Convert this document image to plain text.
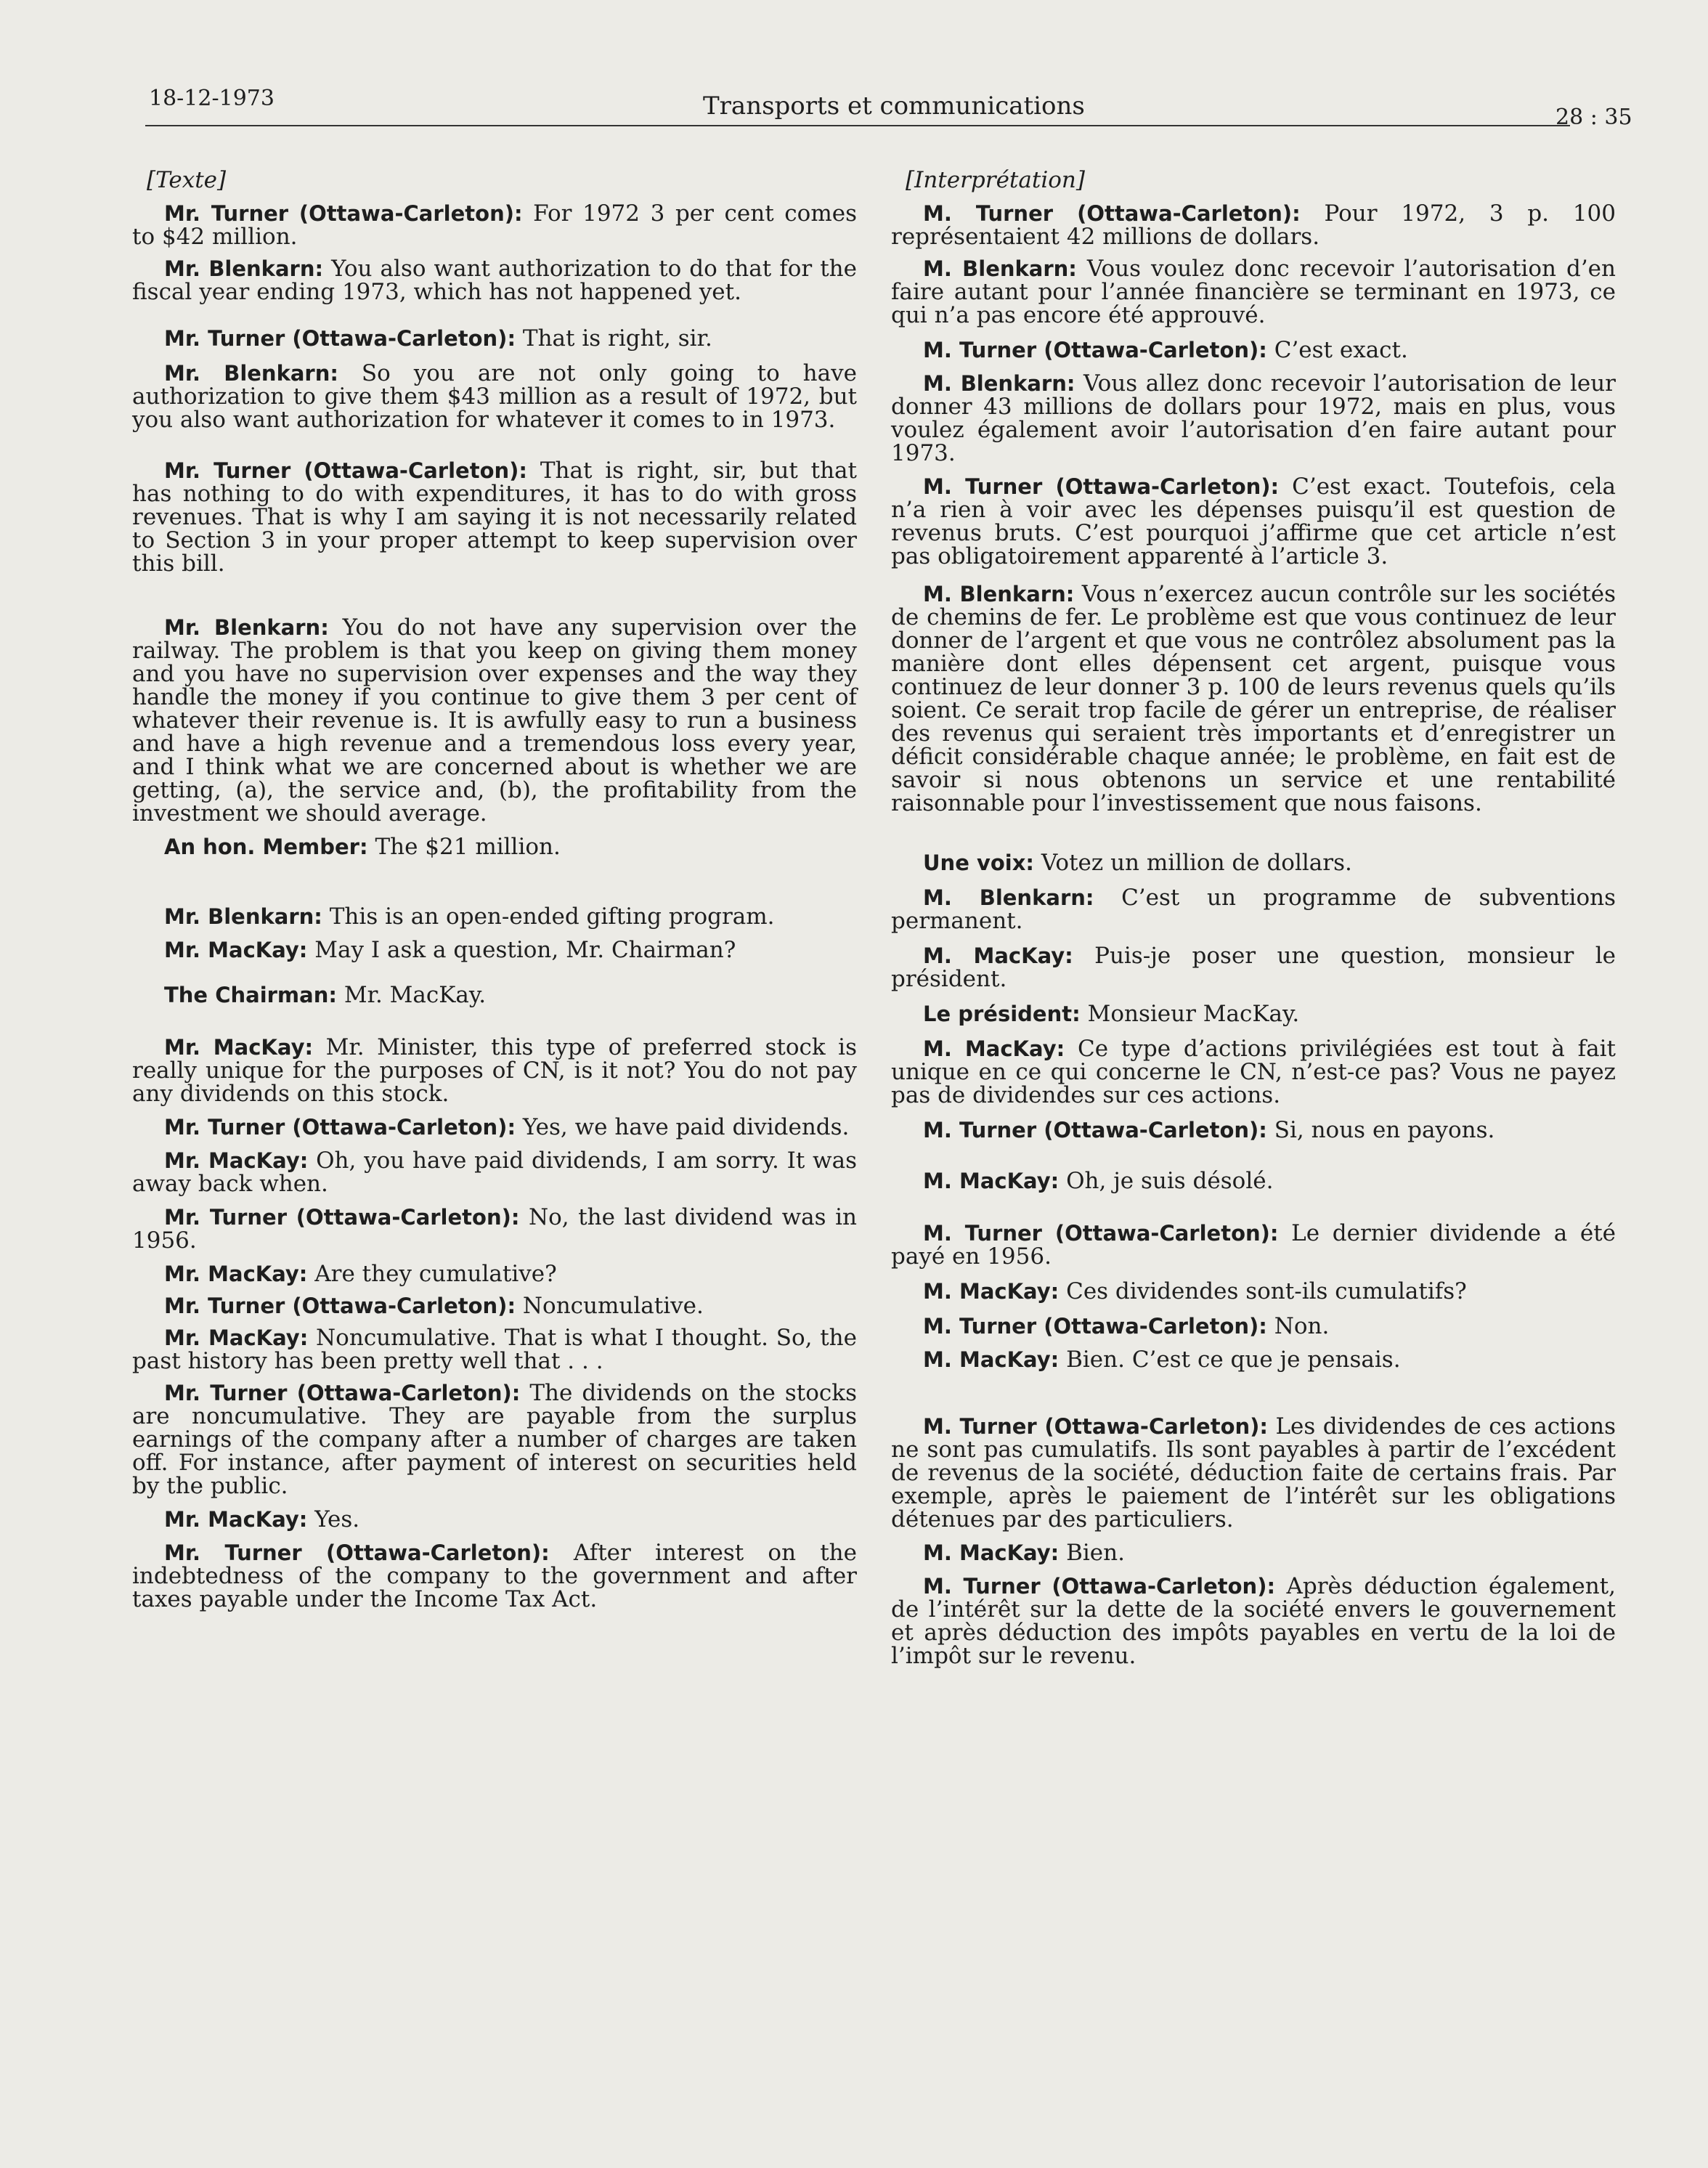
18-12-1973	Transports et communications	28 : 35
[Texte]

Mr. Turner (Ottawa-Carleton): For 1972 3 per cent comes to $42 million.

Mr. Blenkarn: You also want authorization to do that for the fiscal year ending 1973, which has not happened yet.

Mr. Turner (Ottawa-Carleton): That is right, sir.

Mr. Blenkarn: So you are not only going to have authorization to give them $43 million as a result of 1972, but you also want authorization for whatever it comes to in 1973.

Mr. Turner (Ottawa-Carleton): That is right, sir, but that has nothing to do with expenditures, it has to do with gross revenues. That is why I am saying it is not necessarily related to Section 3 in your proper attempt to keep supervision over this bill.

Mr. Blenkarn: You do not have any supervision over the railway. The problem is that you keep on giving them money and you have no supervision over expenses and the way they handle the money if you continue to give them 3 per cent of whatever their revenue is. It is awfully easy to run a business and have a high revenue and a tremendous loss every year, and I think what we are concerned about is whether we are getting, (a), the service and, (b), the profitability from the investment we should average.

An hon. Member: The $21 million.

Mr. Blenkarn: This is an open-ended gifting program.

Mr. MacKay: May I ask a question, Mr. Chairman?

The Chairman: Mr. MacKay.

Mr. MacKay: Mr. Minister, this type of preferred stock is really unique for the purposes of CN, is it not? You do not pay any dividends on this stock.

Mr. Turner (Ottawa-Carleton): Yes, we have paid dividends.

Mr. MacKay: Oh, you have paid dividends, I am sorry. It was away back when.

Mr. Turner (Ottawa-Carleton): No, the last dividend was in 1956.

Mr. MacKay: Are they cumulative?

Mr. Turner (Ottawa-Carleton): Noncumulative.

Mr. MacKay: Noncumulative. That is what I thought. So, the past history has been pretty well that . . .

Mr. Turner (Ottawa-Carleton): The dividends on the stocks are noncumulative. They are payable from the surplus earnings of the company after a number of charges are taken off. For instance, after payment of interest on securities held by the public.

Mr. MacKay: Yes.

Mr. Turner (Ottawa-Carleton): After interest on the indebtedness of the company to the government and after taxes payable under the Income Tax Act.

[Interprétation]

M. Turner (Ottawa-Carleton): Pour 1972, 3 p. 100 représentaient 42 millions de dollars.

M. Blenkarn: Vous voulez donc recevoir l’autorisation d’en faire autant pour l’année financière se terminant en 1973, ce qui n’a pas encore été approuvé.

M. Turner (Ottawa-Carleton): C’est exact.

M. Blenkarn: Vous allez donc recevoir l’autorisation de leur donner 43 millions de dollars pour 1972, mais en plus, vous voulez également avoir l’autorisation d’en faire autant pour 1973.

M. Turner (Ottawa-Carleton): C’est exact. Toutefois, cela n’a rien à voir avec les dépenses puisqu’il est question de revenus bruts. C’est pourquoi j’affirme que cet article n’est pas obligatoirement apparenté à l’article 3.

M. Blenkarn: Vous n’exercez aucun contrôle sur les sociétés de chemins de fer. Le problème est que vous continuez de leur donner de l’argent et que vous ne contrôlez absolument pas la manière dont elles dépensent cet argent, puisque vous continuez de leur donner 3 p. 100 de leurs revenus quels qu’ils soient. Ce serait trop facile de gérer un entreprise, de réaliser des revenus qui seraient très importants et d’enregistrer un déficit considérable chaque année; le problème, en fait est de savoir si nous obtenons un service et une rentabilité raisonnable pour l’investissement que nous faisons.

Une voix: Votez un million de dollars.

M. Blenkarn: C’est un programme de subventions permanent.

M. MacKay: Puis-je poser une question, monsieur le président.

Le président: Monsieur MacKay.

M. MacKay: Ce type d’actions privilégiées est tout à fait unique en ce qui concerne le CN, n’est-ce pas? Vous ne payez pas de dividendes sur ces actions.

M. Turner (Ottawa-Carleton): Si, nous en payons.

M. MacKay: Oh, je suis désolé.

M. Turner (Ottawa-Carleton): Le dernier dividende a été payé en 1956.

M. MacKay: Ces dividendes sont-ils cumulatifs?

M. Turner (Ottawa-Carleton): Non.

M. MacKay: Bien. C’est ce que je pensais.

M. Turner (Ottawa-Carleton): Les dividendes de ces actions ne sont pas cumulatifs. Ils sont payables à partir de l’excédent de revenus de la société, déduction faite de certains frais. Par exemple, après le paiement de l’intérêt sur les obligations détenues par des particuliers.

M. MacKay: Bien.

M. Turner (Ottawa-Carleton): Après déduction également, de l’intérêt sur la dette de la société envers le gouvernement et après déduction des impôts payables en vertu de la loi de l’impôt sur le revenu.
